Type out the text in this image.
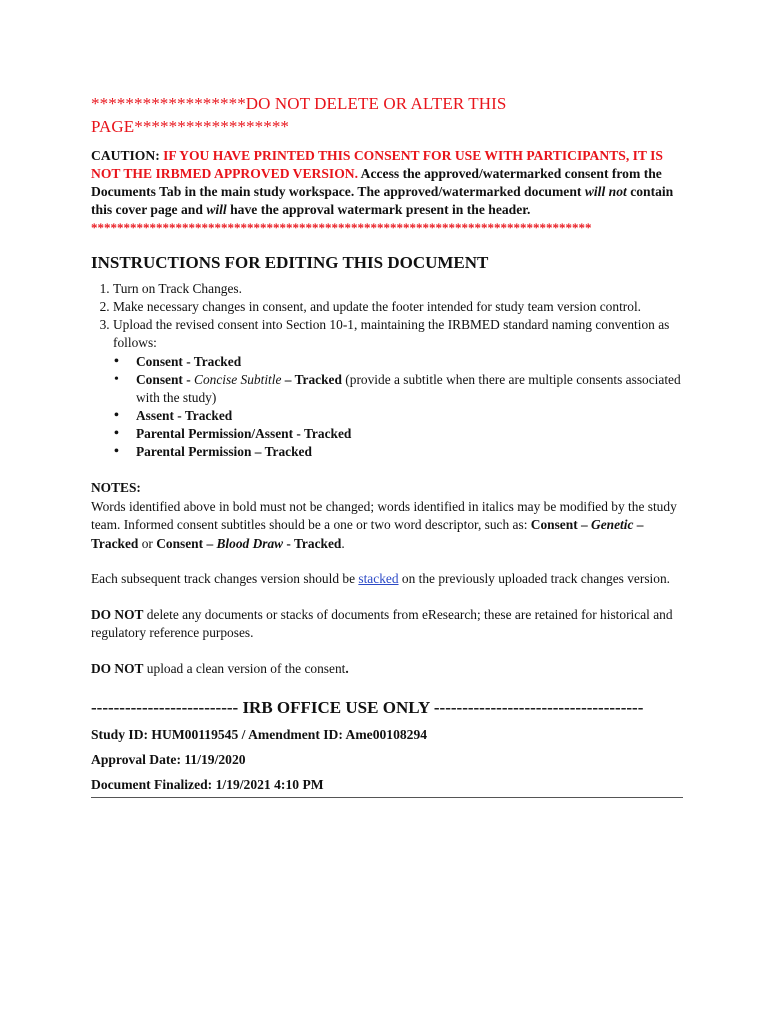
******************DO NOT DELETE OR ALTER THIS PAGE******************

CAUTION: IF YOU HAVE PRINTED THIS CONSENT FOR USE WITH PARTICIPANTS, IT IS NOT THE IRBMED APPROVED VERSION. Access the approved/watermarked consent from the Documents Tab in the main study workspace. The approved/watermarked document will not contain this cover page and will have the approval watermark present in the header.
*****************************************************************************
INSTRUCTIONS FOR EDITING THIS DOCUMENT
1. Turn on Track Changes.
2. Make necessary changes in consent, and update the footer intended for study team version control.
3. Upload the revised consent into Section 10-1, maintaining the IRBMED standard naming convention as follows:
• Consent - Tracked
• Consent - Concise Subtitle – Tracked (provide a subtitle when there are multiple consents associated with the study)
• Assent - Tracked
• Parental Permission/Assent - Tracked
• Parental Permission – Tracked
NOTES:
Words identified above in bold must not be changed; words identified in italics may be modified by the study team. Informed consent subtitles should be a one or two word descriptor, such as: Consent – Genetic – Tracked or Consent – Blood Draw - Tracked.
Each subsequent track changes version should be stacked on the previously uploaded track changes version.
DO NOT delete any documents or stacks of documents from eResearch; these are retained for historical and regulatory reference purposes.
DO NOT upload a clean version of the consent.
-------------------------- IRB OFFICE USE ONLY -------------------------------------
Study ID: HUM00119545 / Amendment ID: Ame00108294
Approval Date: 11/19/2020
Document Finalized: 1/19/2021 4:10 PM
